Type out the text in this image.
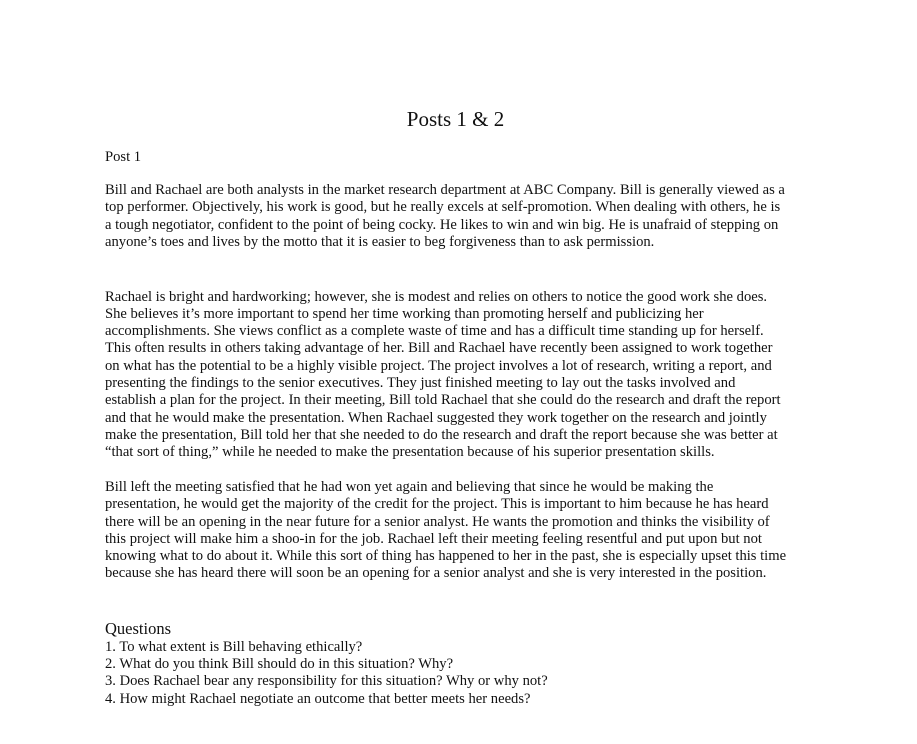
Posts 1 & 2

Post 1

Bill and Rachael are both analysts in the market research department at ABC Company. Bill is generally viewed as a
top performer. Objectively, his work is good, but he really excels at self-promotion. When dealing with others, he is
a tough negotiator, confident to the point of being cocky. He likes to win and win big. He is unafraid of stepping on
anyone’s toes and lives by the motto that it is easier to beg forgiveness than to ask permission.

Rachael is bright and hardworking; however, she is modest and relies on others to notice the good work she does.
She believes it’s more important to spend her time working than promoting herself and publicizing her
accomplishments. She views conflict as a complete waste of time and has a difficult time standing up for herself.
This often results in others taking advantage of her. Bill and Rachael have recently been assigned to work together
on what has the potential to be a highly visible project. The project involves a lot of research, writing a report, and
presenting the findings to the senior executives. They just finished meeting to lay out the tasks involved and
establish a plan for the project. In their meeting, Bill told Rachael that she could do the research and draft the report
and that he would make the presentation. When Rachael suggested they work together on the research and jointly
make the presentation, Bill told her that she needed to do the research and draft the report because she was better at
“that sort of thing,” while he needed to make the presentation because of his superior presentation skills.

Bill left the meeting satisfied that he had won yet again and believing that since he would be making the
presentation, he would get the majority of the credit for the project. This is important to him because he has heard
there will be an opening in the near future for a senior analyst. He wants the promotion and thinks the visibility of
this project will make him a shoo-in for the job. Rachael left their meeting feeling resentful and put upon but not
knowing what to do about it. While this sort of thing has happened to her in the past, she is especially upset this time
because she has heard there will soon be an opening for a senior analyst and she is very interested in the position.

Questions
1. To what extent is Bill behaving ethically?
2. What do you think Bill should do in this situation? Why?
3. Does Rachael bear any responsibility for this situation? Why or why not?
4. How might Rachael negotiate an outcome that better meets her needs?
